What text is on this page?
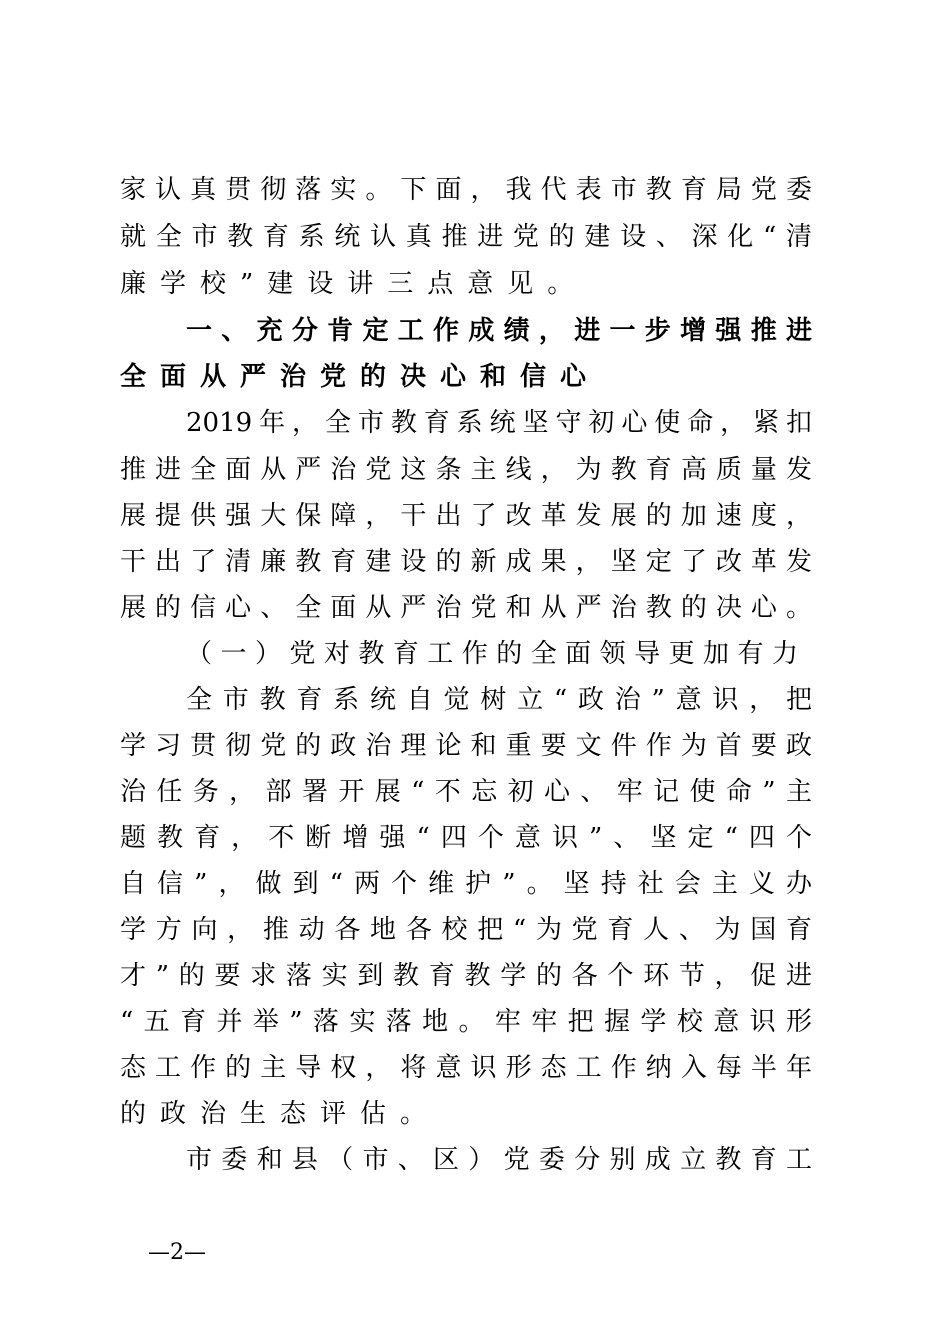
家认真贯彻落实。下面，我代表市教育局党委
就全市教育系统认真推进党的建设、深化“清
廉学校”建设讲三点意见。
一、充分肯定工作成绩，进一步增强推进
全面从严治党的决心和信心
2019年，全市教育系统坚守初心使命，紧扣
推进全面从严治党这条主线，为教育高质量发
展提供强大保障，干出了改革发展的加速度，
干出了清廉教育建设的新成果，坚定了改革发
展的信心、全面从严治党和从严治教的决心。
（一）党对教育工作的全面领导更加有力
全市教育系统自觉树立“政治”意识，把
学习贯彻党的政治理论和重要文件作为首要政
治任务，部署开展“不忘初心、牢记使命”主
题教育，不断增强“四个意识”、坚定“四个
自信”，做到“两个维护”。坚持社会主义办
学方向，推动各地各校把“为党育人、为国育
才”的要求落实到教育教学的各个环节，促进
“五育并举”落实落地。牢牢把握学校意识形
态工作的主导权，将意识形态工作纳入每半年
的政治生态评估。
市委和县（市、区）党委分别成立教育工
—2—
